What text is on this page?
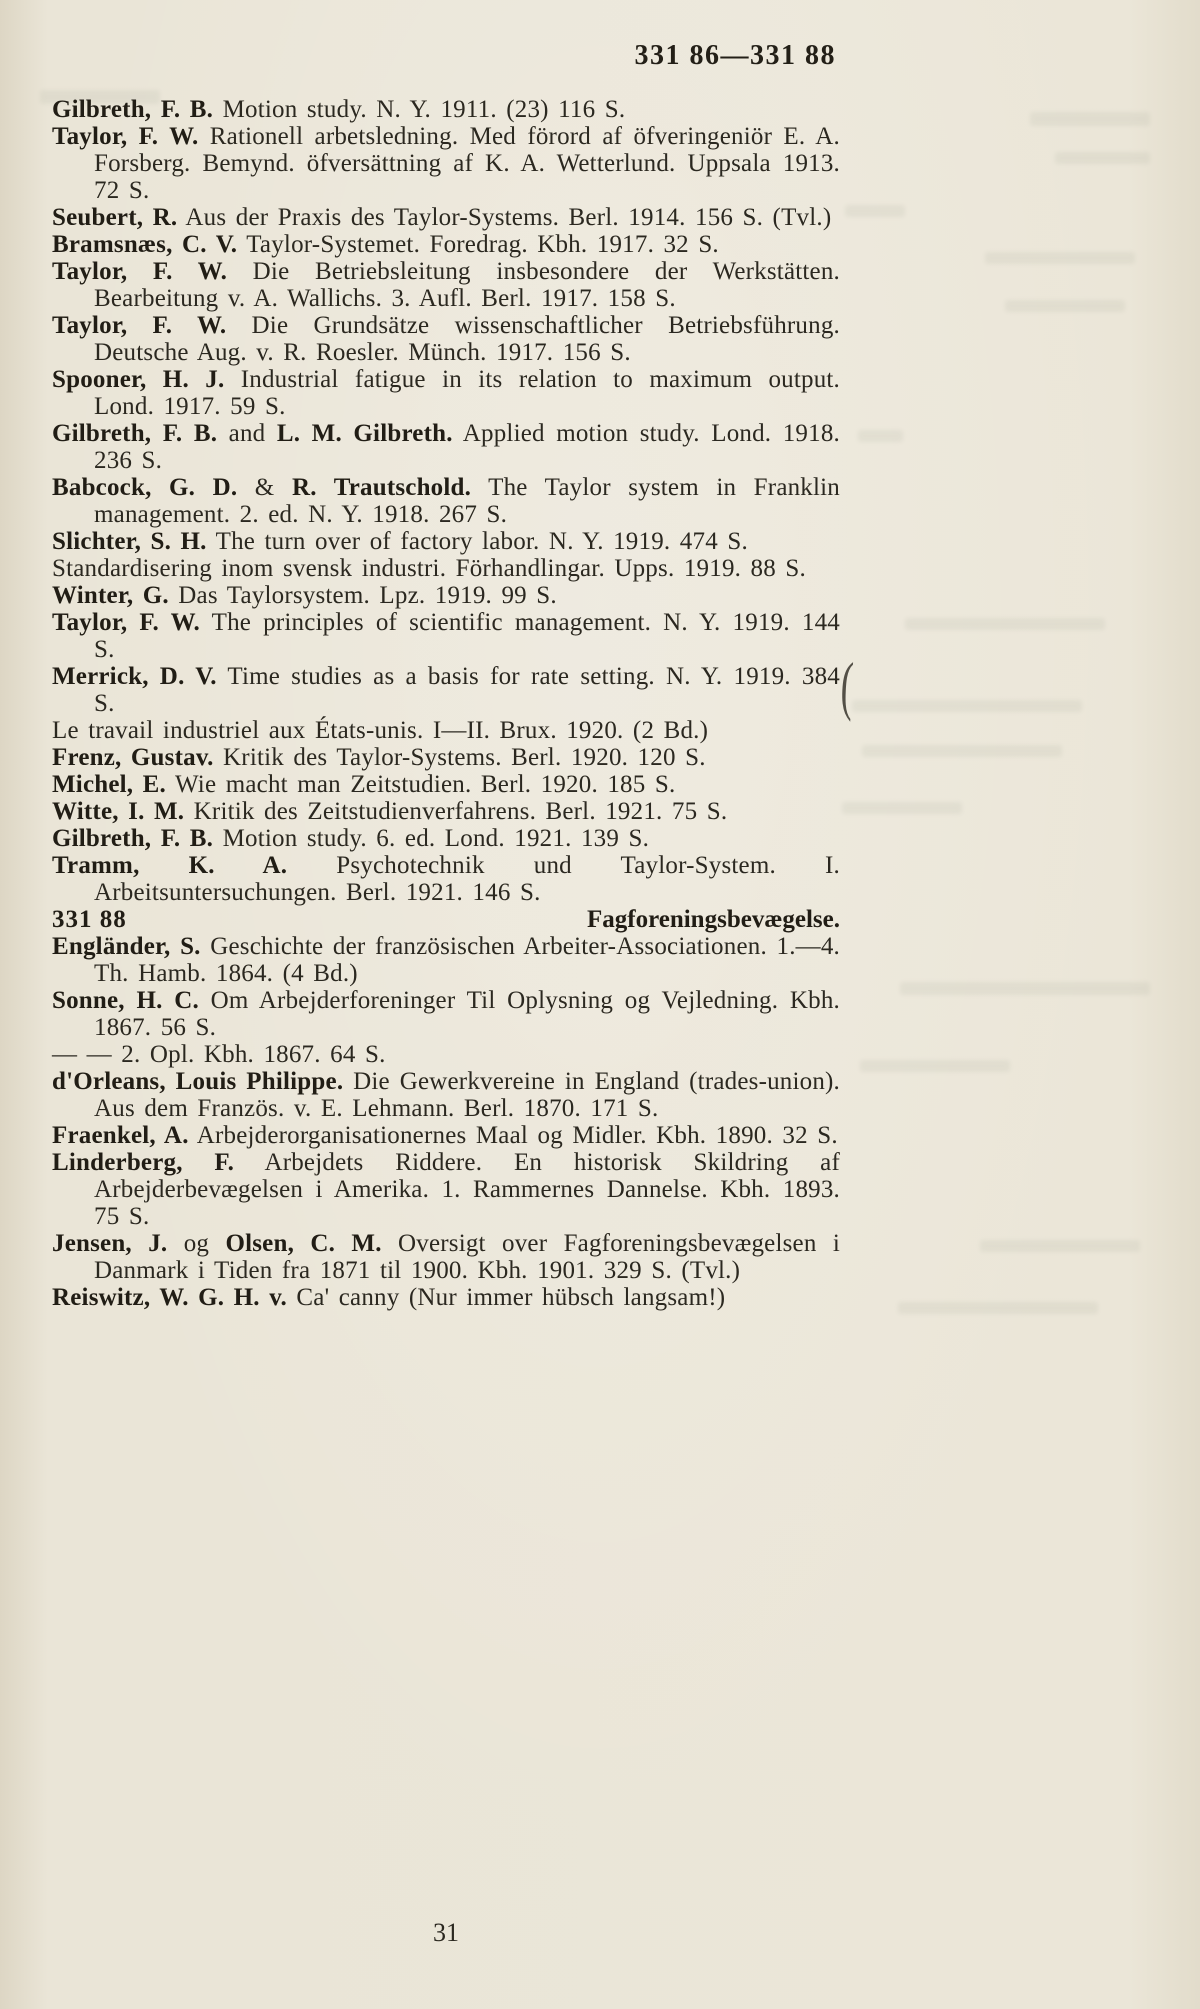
(
331 86—331 88

Gilbreth, F. B. Motion study. N. Y. 1911. (23) 116 S.

Taylor, F. W. Rationell arbetsledning. Med förord af öfveringeniör E. A. Forsberg. Bemynd. öfversättning af K. A. Wetterlund. Uppsala 1913. 72 S.

Seubert, R. Aus der Praxis des Taylor-Systems. Berl. 1914. 156 S. (Tvl.)

Bramsnæs, C. V. Taylor-Systemet. Foredrag. Kbh. 1917. 32 S.

Taylor, F. W. Die Betriebsleitung insbesondere der Werkstätten. Bearbeitung v. A. Wallichs. 3. Aufl. Berl. 1917. 158 S.

Taylor, F. W. Die Grundsätze wissenschaftlicher Betriebsführung. Deutsche Aug. v. R. Roesler. Münch. 1917. 156 S.

Spooner, H. J. Industrial fatigue in its relation to maximum output. Lond. 1917. 59 S.

Gilbreth, F. B. and L. M. Gilbreth. Applied motion study. Lond. 1918. 236 S.

Babcock, G. D. & R. Trautschold. The Taylor system in Franklin management. 2. ed. N. Y. 1918. 267 S.

Slichter, S. H. The turn over of factory labor. N. Y. 1919. 474 S.

Standardisering inom svensk industri. Förhandlingar. Upps. 1919. 88 S.

Winter, G. Das Taylorsystem. Lpz. 1919. 99 S.

Taylor, F. W. The principles of scientific management. N. Y. 1919. 144 S.

Merrick, D. V. Time studies as a basis for rate setting. N. Y. 1919. 384 S.

Le travail industriel aux États-unis. I—II. Brux. 1920. (2 Bd.)

Frenz, Gustav. Kritik des Taylor-Systems. Berl. 1920. 120 S.

Michel, E. Wie macht man Zeitstudien. Berl. 1920. 185 S.

Witte, I. M. Kritik des Zeitstudienverfahrens. Berl. 1921. 75 S.

Gilbreth, F. B. Motion study. 6. ed. Lond. 1921. 139 S.

Tramm, K. A. Psychotechnik und Taylor-System. I. Arbeitsuntersuchungen. Berl. 1921. 146 S.

331 88	Fagforeningsbevægelse.

Engländer, S. Geschichte der französischen Arbeiter-Associationen. 1.—4. Th. Hamb. 1864. (4 Bd.)

Sonne, H. C. Om Arbejderforeninger Til Oplysning og Vejledning. Kbh. 1867. 56 S.

— — 2. Opl. Kbh. 1867. 64 S.

d'Orleans, Louis Philippe. Die Gewerkvereine in England (trades-union). Aus dem Französ. v. E. Lehmann. Berl. 1870. 171 S.

Fraenkel, A. Arbejderorganisationernes Maal og Midler. Kbh. 1890. 32 S.

Linderberg, F. Arbejdets Riddere. En historisk Skildring af Arbejderbevægelsen i Amerika. 1. Rammernes Dannelse. Kbh. 1893. 75 S.

Jensen, J. og Olsen, C. M. Oversigt over Fagforeningsbevægelsen i Danmark i Tiden fra 1871 til 1900. Kbh. 1901. 329 S. (Tvl.)

Reiswitz, W. G. H. v. Ca' canny (Nur immer hübsch langsam!)

31
